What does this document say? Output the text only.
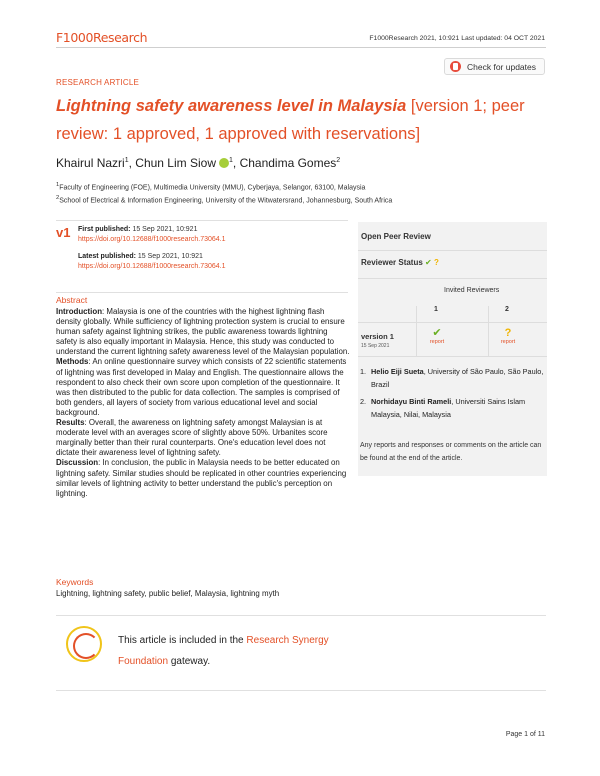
F1000Research	F1000Research 2021, 10:921 Last updated: 04 OCT 2021
Check for updates
RESEARCH ARTICLE
Lightning safety awareness level in Malaysia [version 1; peer review: 1 approved, 1 approved with reservations]
Khairul Nazri$^1$, Chun Lim Siow $^1$, Chandima Gomes$^2$
$^1$Faculty of Engineering (FOE), Multimedia University (MMU), Cyberjaya, Selangor, 63100, Malaysia
$^2$School of Electrical & Information Engineering, University of the Witwatersrand, Johannesburg, South Africa
v1 First published: 15 Sep 2021, 10:921
https://doi.org/10.12688/f1000research.73064.1
Latest published: 15 Sep 2021, 10:921
https://doi.org/10.12688/f1000research.73064.1
Abstract

Introduction: Malaysia is one of the countries with the highest lightning flash density globally. While sufficiency of lightning protection system is crucial to ensure human safety against lightning strikes, the public awareness towards lightning safety is also equally important in Malaysia. Hence, this study was conducted to understand the current lightning safety awareness level of the Malaysian population.

Methods: An online questionnaire survey which consists of 22 scientific statements of lightning was first developed in Malay and English. The questionnaire allows the respondent to also check their own score upon completion of the questionnaire. It was then distributed to the public for data collection. The samples is comprised of both genders, all layers of society from various educational level and social background.

Results: Overall, the awareness on lightning safety amongst Malaysian is at moderate level with an averages score of slightly above 50%. Urbanites score marginally better than their rural counterparts. One's education level does not dictate their awareness level of lightning safety.

Discussion: In conclusion, the public in Malaysia needs to be better educated on lightning safety. Similar studies should be replicated in other countries experiencing similar levels of lightning activity to better understand the public's perception on lightning.

Keywords
Lightning, lightning safety, public belief, Malaysia, lightning myth
This article is included in the Research Synergy Foundation gateway.
Open Peer Review
Reviewer Status ✔ ?
Invited Reviewers
1	2
version 1
15 Sep 2021
✔
report
?
report
1. Helio Eiji Sueta, University of São Paulo, São Paulo, Brazil
2. Norhidayu Binti Rameli, Universiti Sains Islam Malaysia, Nilai, Malaysia
Any reports and responses or comments on the article can be found at the end of the article.
Page 1 of 11
